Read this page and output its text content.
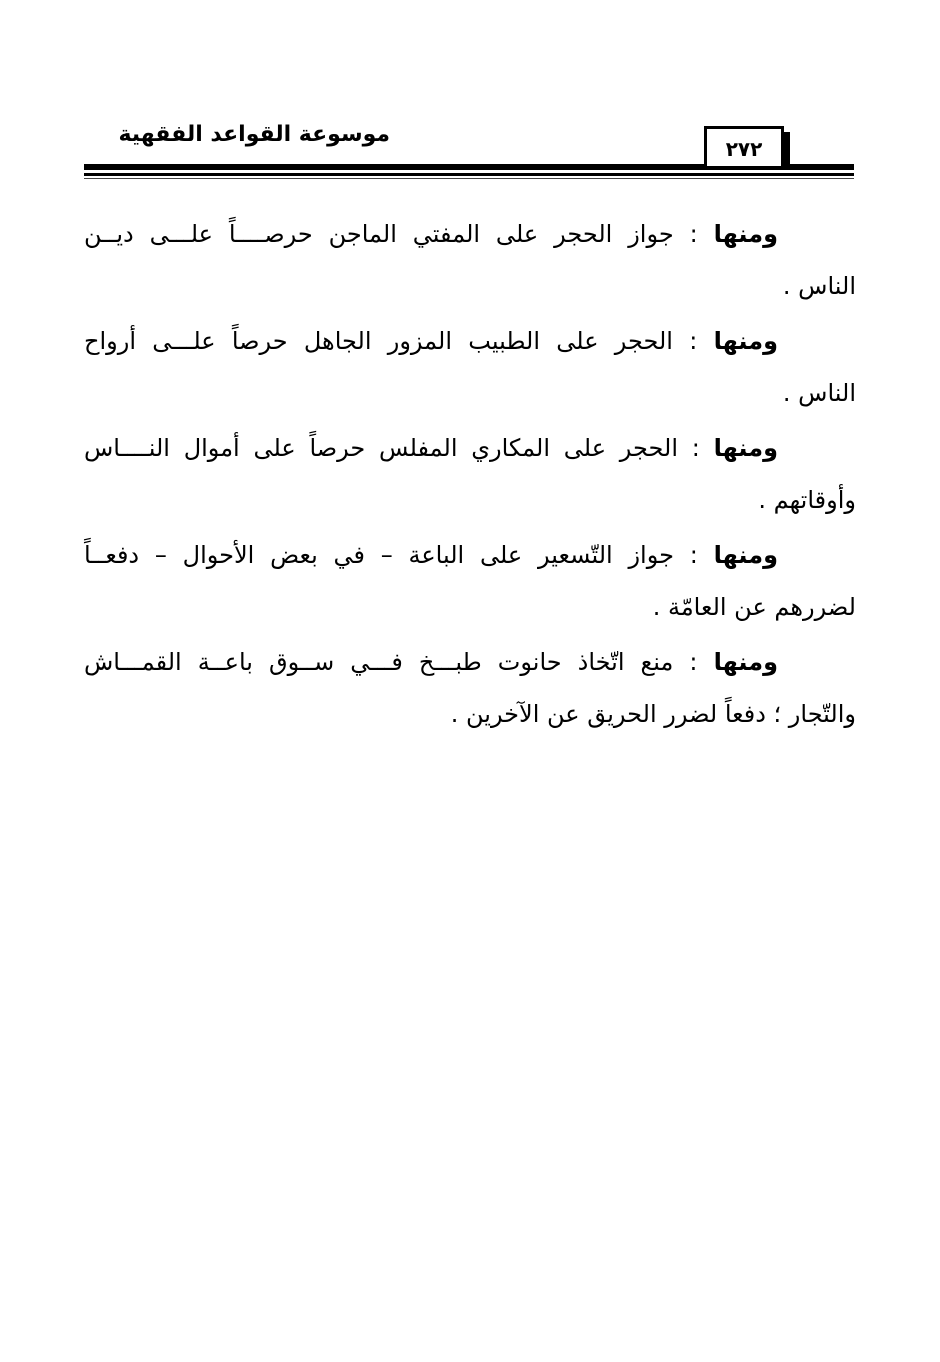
موسوعة القواعد الفقهية
٢٧٢

ومنها : جواز الحجر على المفتي الماجن حرصــــاً علـــى ديــن
الناس .

ومنها : الحجر على الطبيب المزور الجاهل حرصاً علـــى أرواح
الناس .

ومنها : الحجر على المكاري المفلس حرصاً على أموال النــــاس
وأوقاتهم .

ومنها : جواز التّسعير على الباعة – في بعض الأحوال – دفعــاً
لضررهم عن العامّة .

ومنها : منع اتّخاذ حانوت طبـــخ فـــي ســوق باعــة القمـــاش
والتّجار ؛ دفعاً لضرر الحريق عن الآخرين .
